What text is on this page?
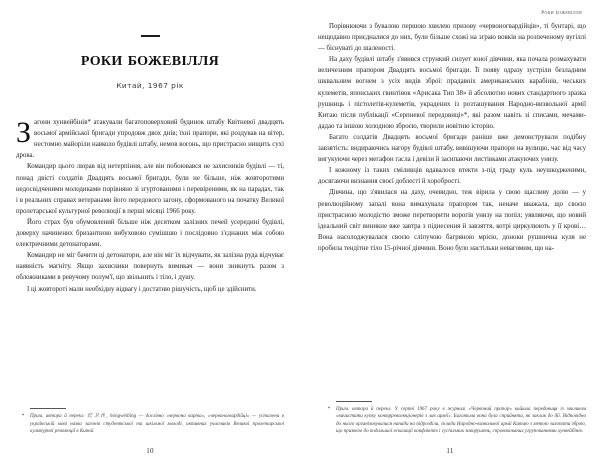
роки божевілля
Китай, 1967 рік

Загони хунвейбінів* атакували багатоповерховий будинок штабу Квітневої двадцять восьмої армійської бригади упродовж двох днів; їхні прапори, які роздував на вітер, нестомно майоріли навколо будівлі штабу, немов вогонь, що пристрасно нищить сухі дрова.

Командир цього люрав від нетерпіння, але він побоювався не захисників будівлі — ті, понад двісті солдатів Двадцять восьмої бригади, були не більше, ніж жовторотими недосвідченими молодиками порівняно зі згуртованими і перевіреними, як на парадах, так і в реальних справах ветеранами його передового загону, сформованого на початку Великої пролетарської культурної революції в перші місяці 1966 року.

Його страх був обумовлений більше ніж десятком залізних печей усередині будівлі, доверху начинених бризантною вибуховою сумішшю і послідовно з'єднаних між собою електричними детонаторами.

Командир не міг бачити ці детонатори, але він міг їх відчувати, як залізна руда відчуває наявність магніту. Якщо захисники повернуть вимикач — вони зникнуть разом з обложниками в ревучому полум'ї, що звільнить і тіло, і душу.

І ці жовтороті мали необхідну відвагу і достатню рішучість, щоб це здійснити.

*	Прим. автора й перекл. 红卫兵, hóngwèibīng — дослівно «червона варта», «червоногвардійці» — усталена в українській мові назва загонів студентської та шкільної молоді, активних учасників Великої пролетарської культурної революції в Китаї.
10
Роки божевілля

Порівнюючи з бувалою першою хвилею призову «червоногвардійців», ті бунтарі, що нещодавно приєдналися до них, були більше схожі на зграю вовків на розпеченому вугіллі — біснуваті до шаленості.

На даху будівлі штабу з'явився стрункий силует юної дівчини, яка почала розмахувати величезним прапором Двадцять восьмої бригади. Її появу одразу зустріли безладним шквальним вогнем з усіх видів зброї: прадавніх американських карабінів, чеських кулеметів, японських гвинтівок «Арисака Тип 38» й абсолютно нових стандартного зразка рушниць і пістолетів-кулеметів, украдених із розташування Народно-визвольної армії Китаю після публікації «Серпневої передовиці»*, які разом навіть зі списами, мечами-дадао та іншою холодною зброєю, творили новітню історію.

Багато солдатів Двадцять восьмої бригади раніше вже демонстрували подібну завзятість: видираючись нагору будівлі штабу, вивішуючи прапори на вулицю, час від часу вигукуючи через мегафон гасла і девізи й засипаючи листівками атакуючих унизу.

І кожному із таких сміливців вдавалося втекти з-під граду куль неушкодженими, досягаючи визнання своєї доблесті й хоробрості.

Дівчина, що з'явилася на даху, очевидно, теж вірила у свою щасливу долю — у революційному запалі вона вимахувала прапором так, неначе вважала, що своєю пристрасною молодістю зможе перетворити ворогів унизу на попіл; уявляючи, що новий ідеальний світ виникне вже завтра з піднесення й завзяття, котрі циркулюють у її крові… Вона насолоджувалася своєю сліпучою багряною мрією, доноки рушнична куля не пробила тендітне тіло 15-річної дівчини. Воно було настільки невагомим, що на-

*	Прим. автора й перекл. У серпні 1967 року в журналі «Червоний прапор» вийшла передовиця із закликом «вичистити купку контрреволюціонерів з лав армії». Багатьма вона була сприйнята, як заклик до дії. Відповідно до нього організовувалися напади на підрозділи, склади Народно-визвольної армії Китаю з метою захопити зброю, що призвело до подальшої ескалації конфліктів і суспільних заворушень, спровокованих угрупованнями хунвейбінів.
11
